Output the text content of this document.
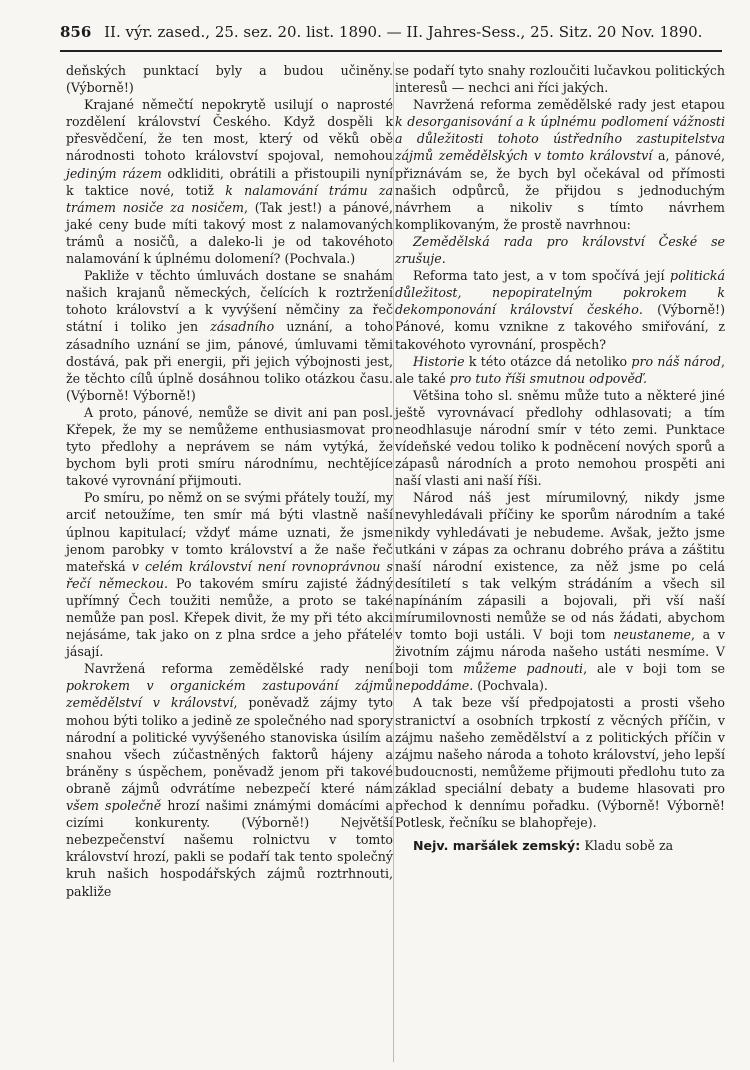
856 II. výr. zased., 25. sez. 20. list. 1890. — II. Jahres-Sess., 25. Sitz. 20 Nov. 1890.

deňských punktací byly a budou učiněny. (Výborně!)

Krajané němečtí nepokrytě usilují o naprosté rozdělení království Českého. Když dospěli k přesvědčení, že ten most, který od věků obě národnosti tohoto království spojoval, nemohou jediným rázem odkliditi, obrátili a přistoupili nyní k taktice nové, totiž k nalamování trámu za trámem nosiče za nosičem, (Tak jest!) a pánové, jaké ceny bude míti takový most z nalamovaných trámů a nosičů, a daleko-li je od takovéhoto nalamování k úplnému dolomení? (Pochvala.)

Pakliže v těchto úmluvách dostane se snahám našich krajanů německých, čelících k roztržení tohoto království a k vyvýšení němčiny za řeč státní i toliko jen zásadního uznání, a toho zásadního uznání se jim, pánové, úmluvami těmi dostává, pak při energii, při jejich výbojnosti jest, že těchto cílů úplně dosáhnou toliko otázkou času. (Výborně! Výborně!)

A proto, pánové, nemůže se divit ani pan posl. Křepek, že my se nemůžeme enthusiasmovat pro tyto předlohy a neprávem se nám vytýká, že bychom byli proti smíru národnímu, nechtějíce takové vyrovnání přijmouti.

Po smíru, po němž on se svými přátely touží, my arciť netoužíme, ten smír má býti vlastně naší úplnou kapitulací; vždyť máme uznati, že jsme jenom parobky v tomto království a že naše řeč mateřská v celém království není rovnoprávnou s řečí německou. Po takovém smíru zajisté žádný upřímný Čech toužiti nemůže, a proto se také nemůže pan posl. Křepek divit, že my při této akci nejásáme, tak jako on z plna srdce a jeho přátelé jásají.

Navržená reforma zemědělské rady není pokrokem v organickém zastupování zájmů zemědělství v království, poněvadž zájmy tyto mohou býti toliko a jedině ze společného nad spory národní a politické vyvýšeného stanoviska úsilím a snahou všech zúčastněných faktorů hájeny a bráněny s úspěchem, poněvadž jenom při takové obraně zájmů odvrátíme nebezpečí které nám všem společně hrozí našimi známými domácími a cizími konkurenty. (Výborně!) Největší nebezpečenství našemu rolnictvu v tomto království hrozí, pakli se podaří tak tento společný kruh našich hospodářských zájmů roztrhnouti, pakliže

se podaří tyto snahy rozloučiti lučavkou politických interesů — nechci ani říci jakých.

Navržená reforma zemědělské rady jest etapou k desorganisování a k úplnému podlomení vážnosti a důležitosti tohoto ústředního zastupitelstva zájmů zemědělských v tomto království a, pánové, přiznávám se, že bych byl očekával od přímosti našich odpůrců, že přijdou s jednoduchým návrhem a nikoliv s tímto návrhem komplikovaným, že prostě navrhnou:

Zemědělská rada pro království České se zrušuje.

Reforma tato jest, a v tom spočívá její politická důležitost, nepopiratelným pokrokem k dekomponování království českého. (Výborně!) Pánové, komu vznikne z takového smiřování, z takovéhoto vyrovnání, prospěch?

Historie k této otázce dá netoliko pro náš národ, ale také pro tuto říši smutnou odpověď.

Většina toho sl. sněmu může tuto a některé jiné ještě vyrovnávací předlohy odhlasovati; a tím neodhlasuje národní smír v této zemi. Punktace vídeňské vedou toliko k podněcení nových sporů a zápasů národních a proto nemohou prospěti ani naší vlasti ani naší říši.

Národ náš jest mírumilovný, nikdy jsme nevyhledávali příčiny ke sporům národním a také nikdy vyhledávati je nebudeme. Avšak, ježto jsme utkáni v zápas za ochranu dobrého práva a záštitu naší národní existence, za něž jsme po celá desítiletí s tak velkým strádáním a všech sil napínáním zápasili a bojovali, při vší naší mírumilovnosti nemůže se od nás žádati, abychom v tomto boji ustáli. V boji tom neustaneme, a v životním zájmu národa našeho ustáti nesmíme. V boji tom můžeme padnouti, ale v boji tom se nepoddáme. (Pochvala).

A tak beze vší předpojatosti a prosti všeho stranictví a osobních trpkostí z věcných příčin, v zájmu našeho zemědělství a z politických příčin v zájmu našeho národa a tohoto království, jeho lepší budoucnosti, nemůžeme přijmouti předlohu tuto za základ speciální debaty a budeme hlasovati pro přechod k dennímu pořadku. (Výborně! Výborně! Potlesk, řečníku se blahopřeje).

Nejv. maršálek zemský: Kladu sobě za
